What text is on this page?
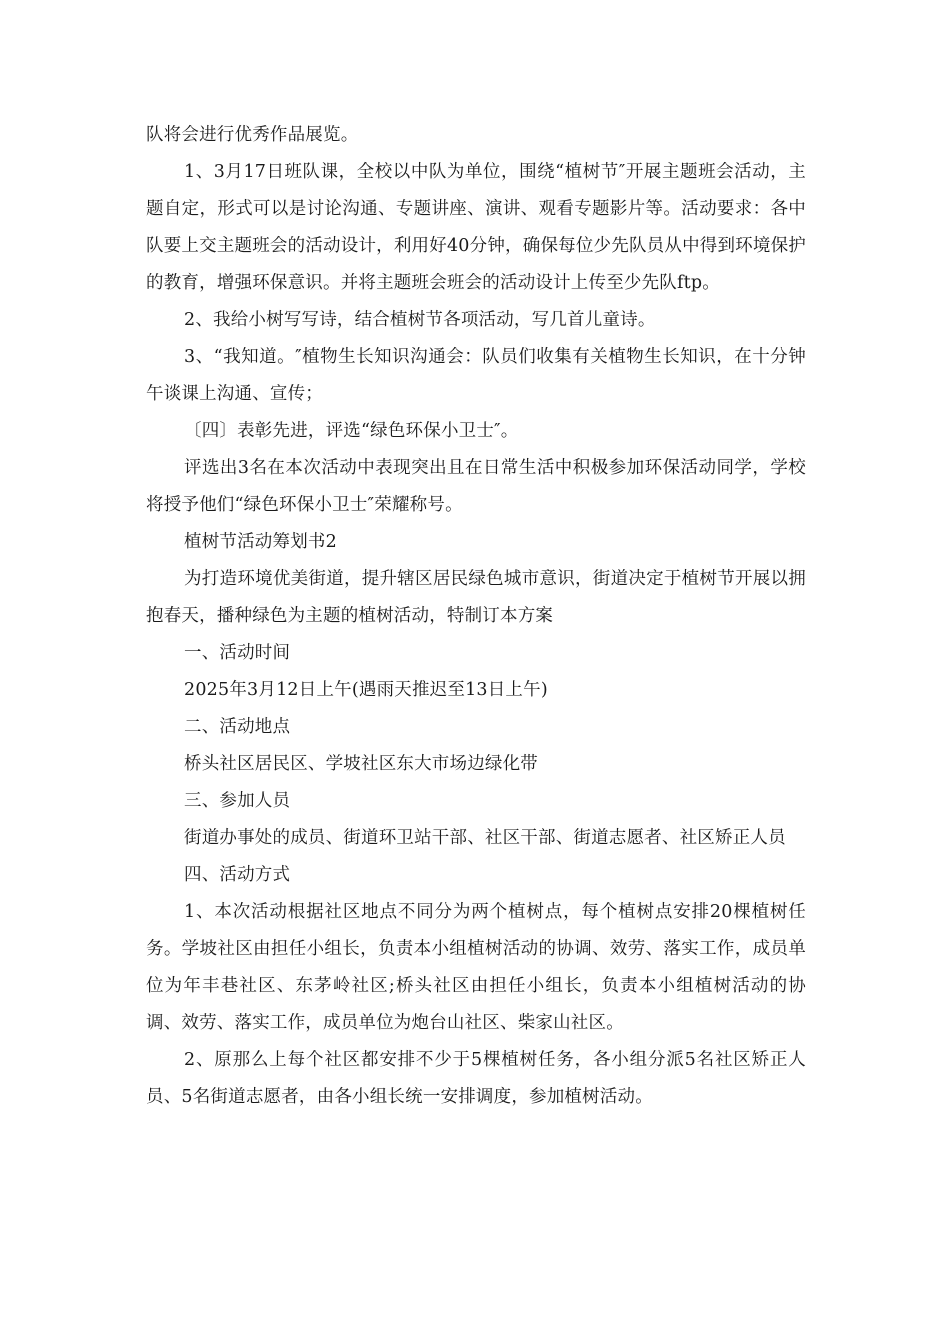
队将会进行优秀作品展览。

1、3月17日班队课，全校以中队为单位，围绕“植树节″开展主题班会活动，主题自定，形式可以是讨论沟通、专题讲座、演讲、观看专题影片等。活动要求：各中队要上交主题班会的活动设计，利用好40分钟，确保每位少先队员从中得到环境保护的教育，增强环保意识。并将主题班会班会的活动设计上传至少先队ftp。

2、我给小树写写诗，结合植树节各项活动，写几首儿童诗。

3、“我知道。″植物生长知识沟通会：队员们收集有关植物生长知识，在十分钟午谈课上沟通、宣传；

〔四〕表彰先进，评选“绿色环保小卫士″。

评选出3名在本次活动中表现突出且在日常生活中积极参加环保活动同学，学校将授予他们“绿色环保小卫士″荣耀称号。

植树节活动筹划书2

为打造环境优美街道，提升辖区居民绿色城市意识，街道决定于植树节开展以拥抱春天，播种绿色为主题的植树活动，特制订本方案

一、活动时间

2025年3月12日上午(遇雨天推迟至13日上午)

二、活动地点

桥头社区居民区、学坡社区东大市场边绿化带

三、参加人员

街道办事处的成员、街道环卫站干部、社区干部、街道志愿者、社区矫正人员

四、活动方式

1、本次活动根据社区地点不同分为两个植树点，每个植树点安排20棵植树任务。学坡社区由担任小组长，负责本小组植树活动的协调、效劳、落实工作，成员单位为年丰巷社区、东茅岭社区;桥头社区由担任小组长，负责本小组植树活动的协调、效劳、落实工作，成员单位为炮台山社区、柴家山社区。

2、原那么上每个社区都安排不少于5棵植树任务，各小组分派5名社区矫正人员、5名街道志愿者，由各小组长统一安排调度，参加植树活动。
